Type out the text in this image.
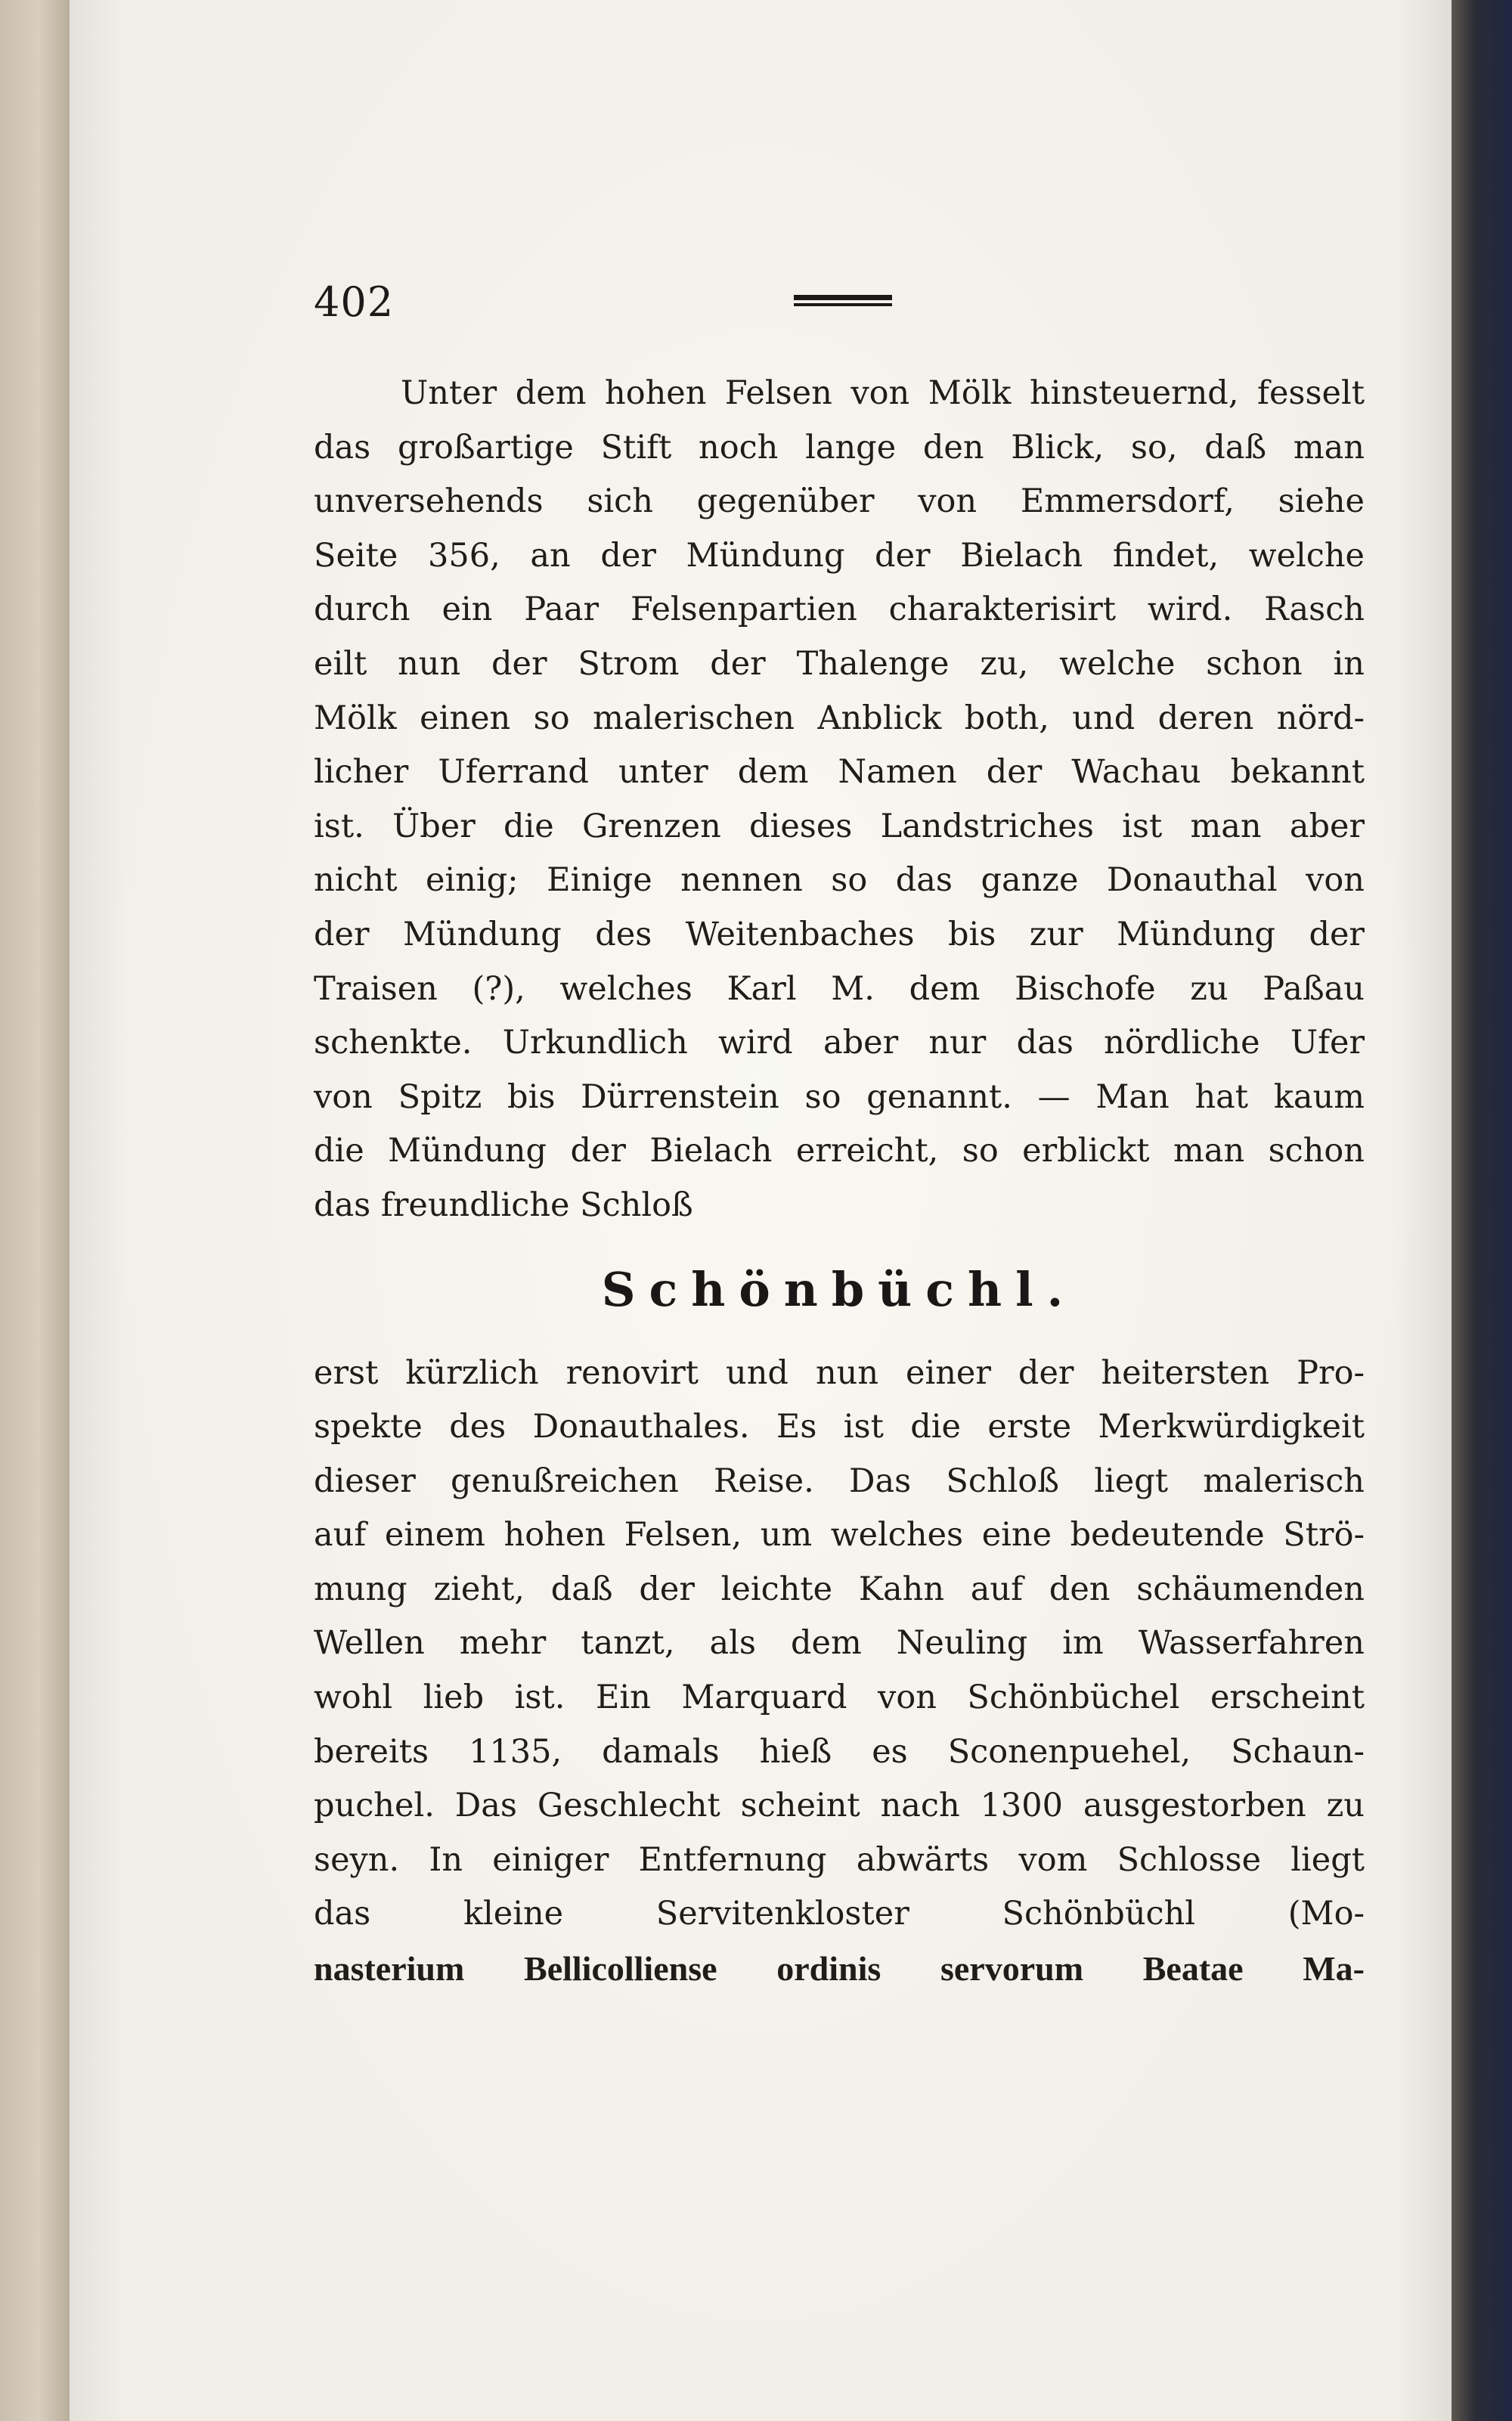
402
Unter dem hohen Felsen von Mölk hinsteuernd, fesselt
das großartige Stift noch lange den Blick, so, daß man
unversehends sich gegenüber von Emmersdorf, siehe
Seite 356, an der Mündung der Bielach findet, welche
durch ein Paar Felsenpartien charakterisirt wird. Rasch
eilt nun der Strom der Thalenge zu, welche schon in
Mölk einen so malerischen Anblick both, und deren nörd-
licher Uferrand unter dem Namen der Wachau bekannt
ist. Über die Grenzen dieses Landstriches ist man aber
nicht einig; Einige nennen so das ganze Donauthal von
der Mündung des Weitenbaches bis zur Mündung der
Traisen (?), welches Karl M. dem Bischofe zu Paßau
schenkte. Urkundlich wird aber nur das nördliche Ufer
von Spitz bis Dürrenstein so genannt. — Man hat kaum
die Mündung der Bielach erreicht, so erblickt man schon
das freundliche Schloß
Schönbüchl.
erst kürzlich renovirt und nun einer der heitersten Pro-
spekte des Donauthales. Es ist die erste Merkwürdigkeit
dieser genußreichen Reise. Das Schloß liegt malerisch
auf einem hohen Felsen, um welches eine bedeutende Strö-
mung zieht, daß der leichte Kahn auf den schäumenden
Wellen mehr tanzt, als dem Neuling im Wasserfahren
wohl lieb ist. Ein Marquard von Schönbüchel erscheint
bereits 1135, damals hieß es Sconenpuehel, Schaun-
puchel. Das Geschlecht scheint nach 1300 ausgestorben zu
seyn. In einiger Entfernung abwärts vom Schlosse liegt
das kleine Servitenkloster Schönbüchl (Mo-
nasterium Bellicolliense ordinis servorum Beatae Ma-
